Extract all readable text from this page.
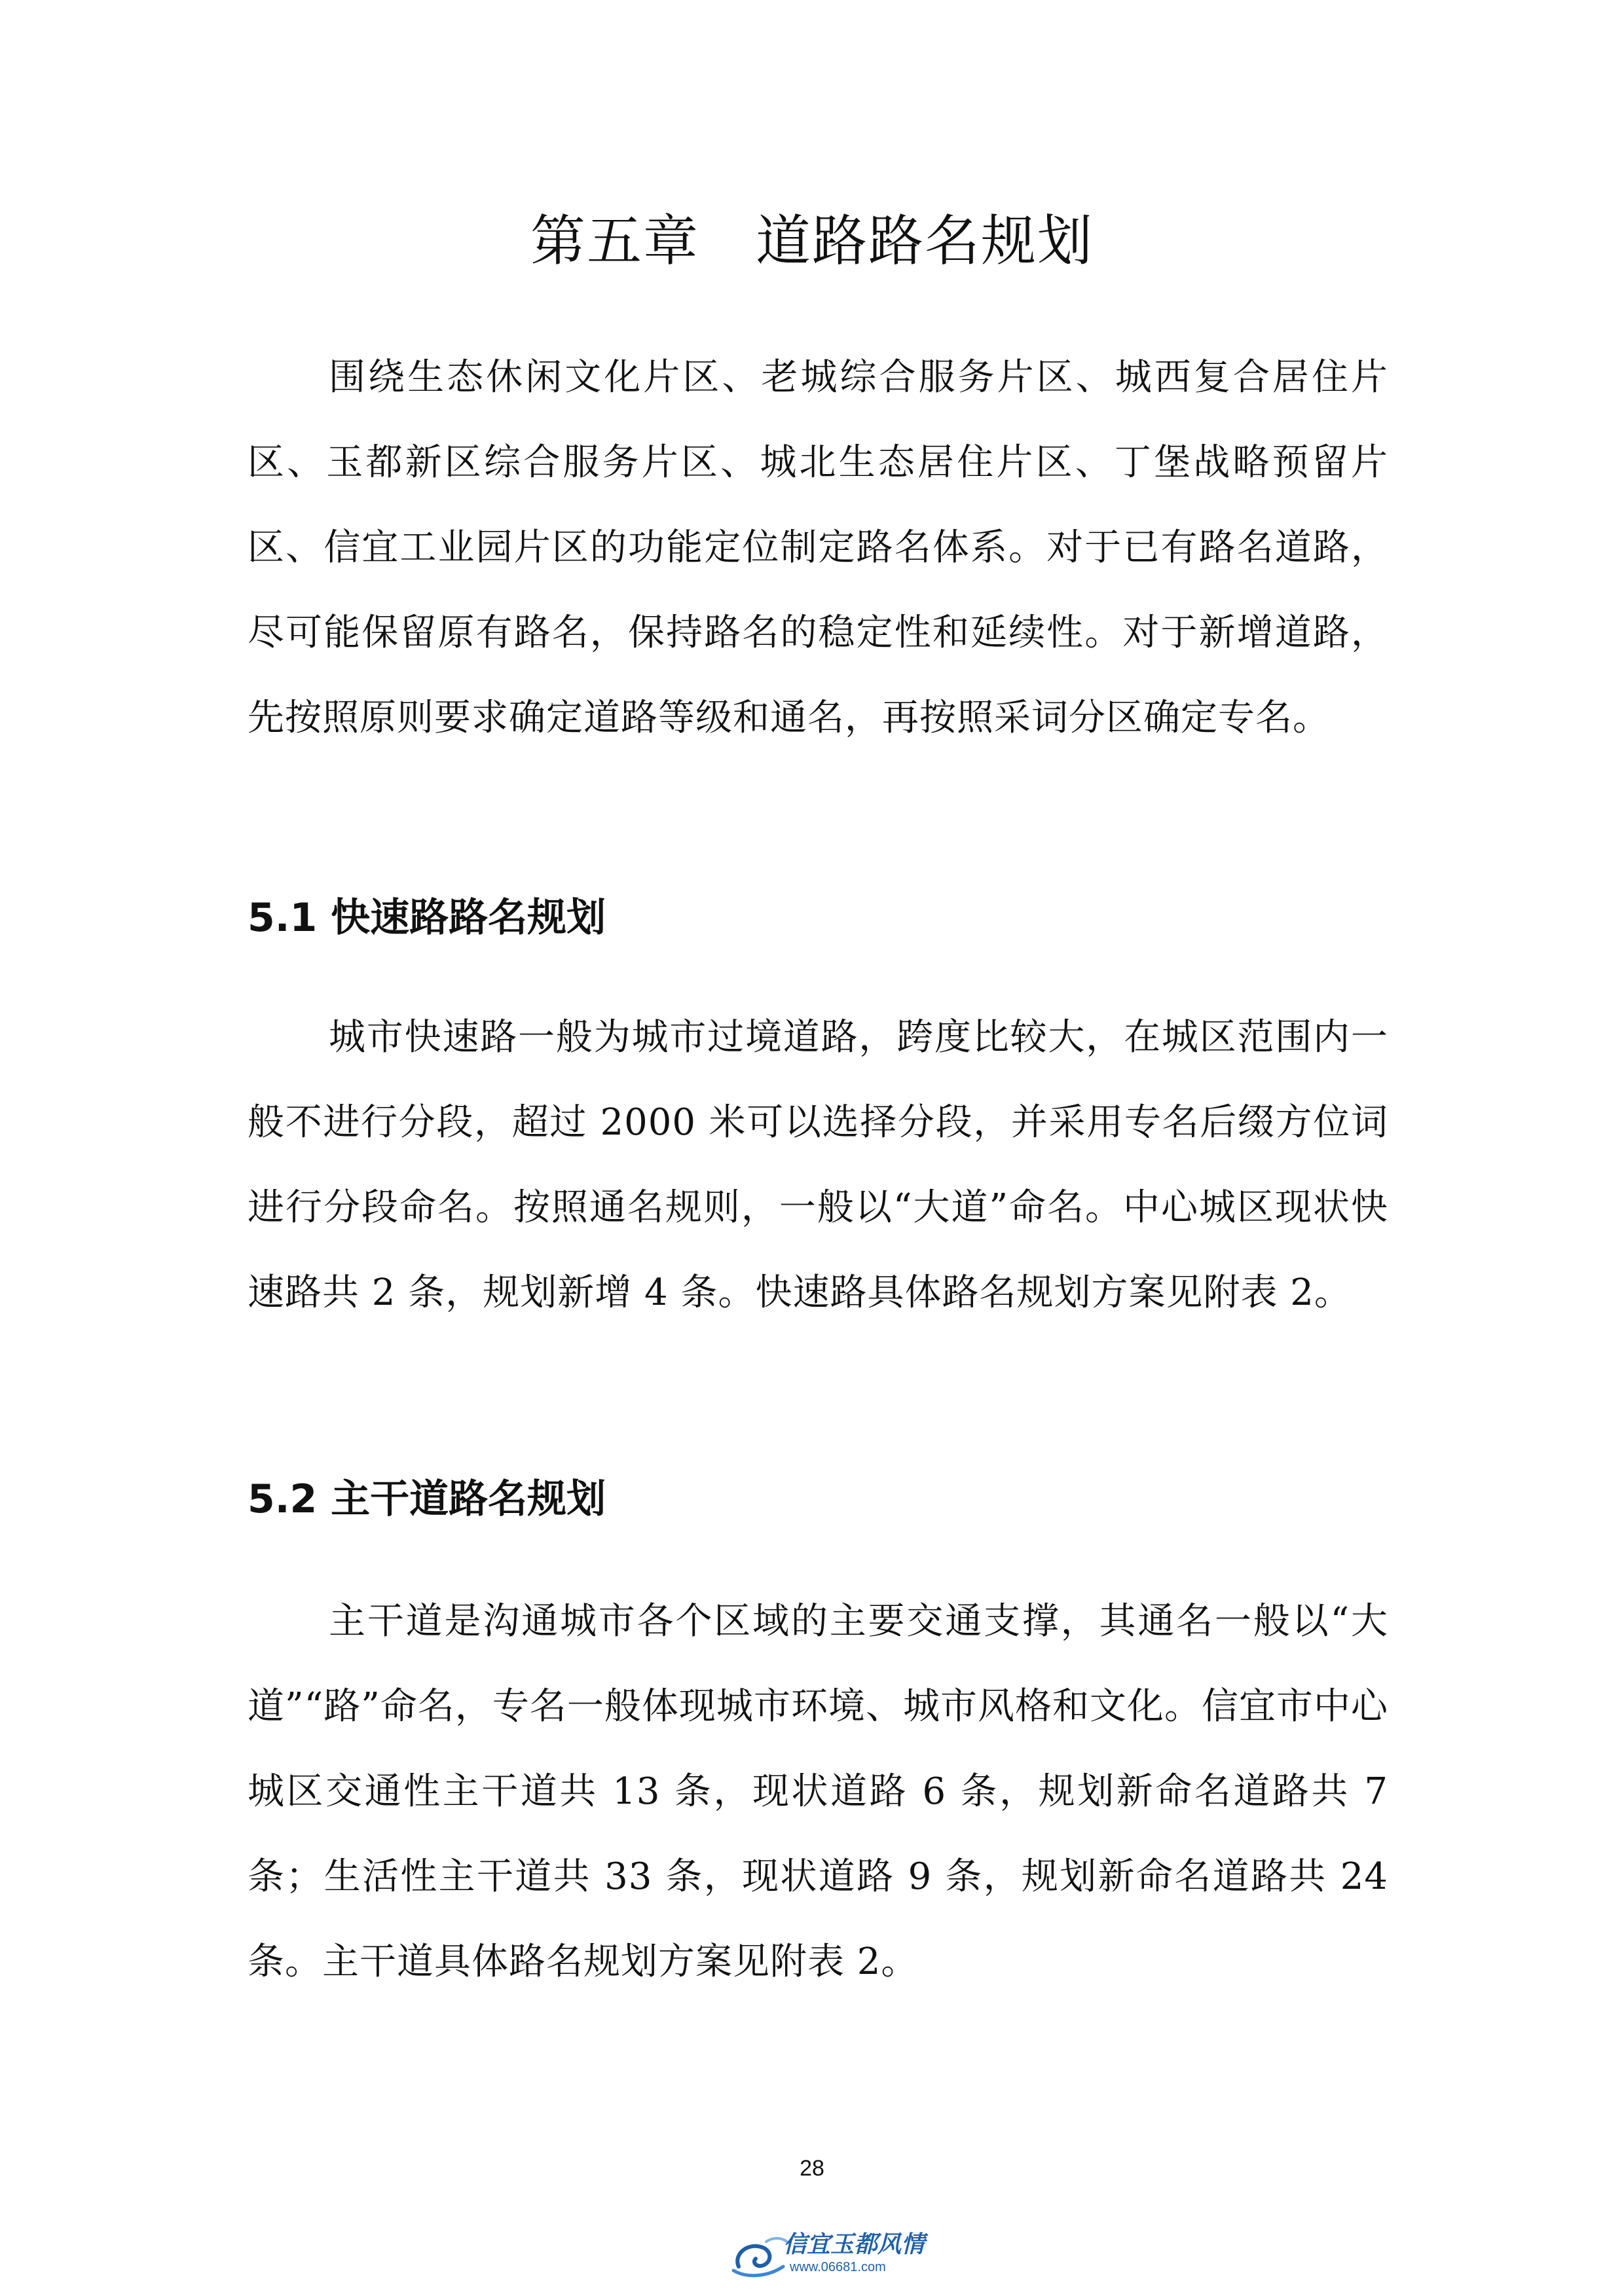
第五章　道路路名规划

围绕生态休闲文化片区、老城综合服务片区、城西复合居住片区、玉都新区综合服务片区、城北生态居住片区、丁堡战略预留片区、信宜工业园片区的功能定位制定路名体系。对于已有路名道路，尽可能保留原有路名，保持路名的稳定性和延续性。对于新增道路，先按照原则要求确定道路等级和通名，再按照采词分区确定专名。

5.1 快速路路名规划

城市快速路一般为城市过境道路，跨度比较大，在城区范围内一般不进行分段，超过 2000 米可以选择分段，并采用专名后缀方位词进行分段命名。按照通名规则，一般以“大道”命名。中心城区现状快速路共 2 条，规划新增 4 条。快速路具体路名规划方案见附表 2。

5.2 主干道路名规划

主干道是沟通城市各个区域的主要交通支撑，其通名一般以“大道”“路”命名，专名一般体现城市环境、城市风格和文化。信宜市中心城区交通性主干道共 13 条，现状道路 6 条，规划新命名道路共 7 条；生活性主干道共 33 条，现状道路 9 条，规划新命名道路共 24 条。主干道具体路名规划方案见附表 2。

28
信宜玉都风情
www.06681.com
